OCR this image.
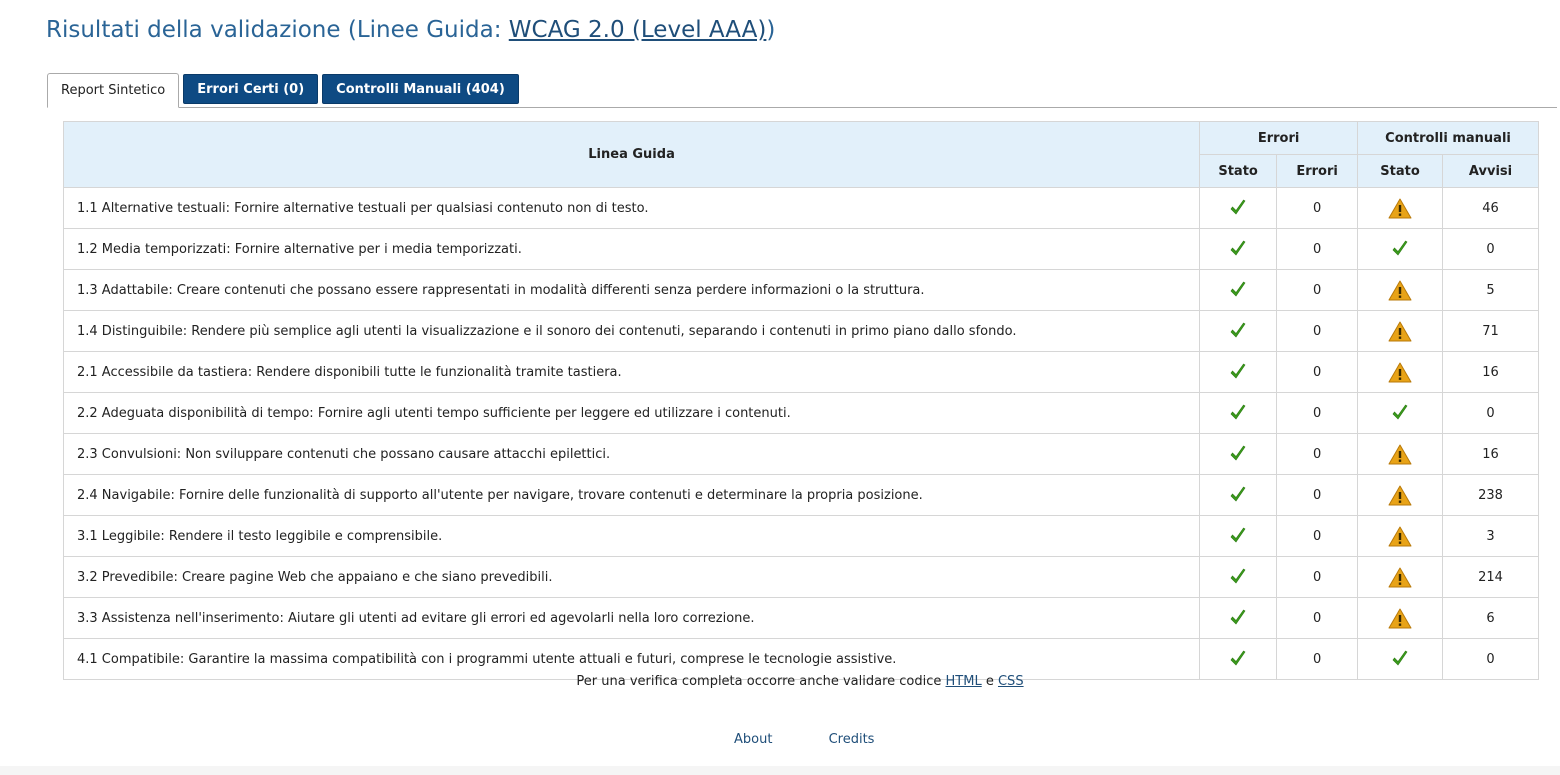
Risultati della validazione (Linee Guida: WCAG 2.0 (Level AAA))
Report Sintetico	Errori Certi (0)	Controlli Manuali (404)
Linea Guida	Errori		Controlli manuali	
	Stato	Errori	Stato	Avvisi
1.1 Alternative testuali: Fornire alternative testuali per qualsiasi contenuto non di testo.		0		46
1.2 Media temporizzati: Fornire alternative per i media temporizzati.		0		0
1.3 Adattabile: Creare contenuti che possano essere rappresentati in modalità differenti senza perdere informazioni o la struttura.		0		5
1.4 Distinguibile: Rendere più semplice agli utenti la visualizzazione e il sonoro dei contenuti, separando i contenuti in primo piano dallo sfondo.		0		71
2.1 Accessibile da tastiera: Rendere disponibili tutte le funzionalità tramite tastiera.		0		16
2.2 Adeguata disponibilità di tempo: Fornire agli utenti tempo sufficiente per leggere ed utilizzare i contenuti.		0		0
2.3 Convulsioni: Non sviluppare contenuti che possano causare attacchi epilettici.		0		16
2.4 Navigabile: Fornire delle funzionalità di supporto all'utente per navigare, trovare contenuti e determinare la propria posizione.		0		238
3.1 Leggibile: Rendere il testo leggibile e comprensibile.		0		3
3.2 Prevedibile: Creare pagine Web che appaiano e che siano prevedibili.		0		214
3.3 Assistenza nell'inserimento: Aiutare gli utenti ad evitare gli errori ed agevolarli nella loro correzione.		0		6
4.1 Compatibile: Garantire la massima compatibilità con i programmi utente attuali e futuri, comprese le tecnologie assistive.		0		0
Per una verifica completa occorre anche validare codice HTML e CSS
About	Credits
